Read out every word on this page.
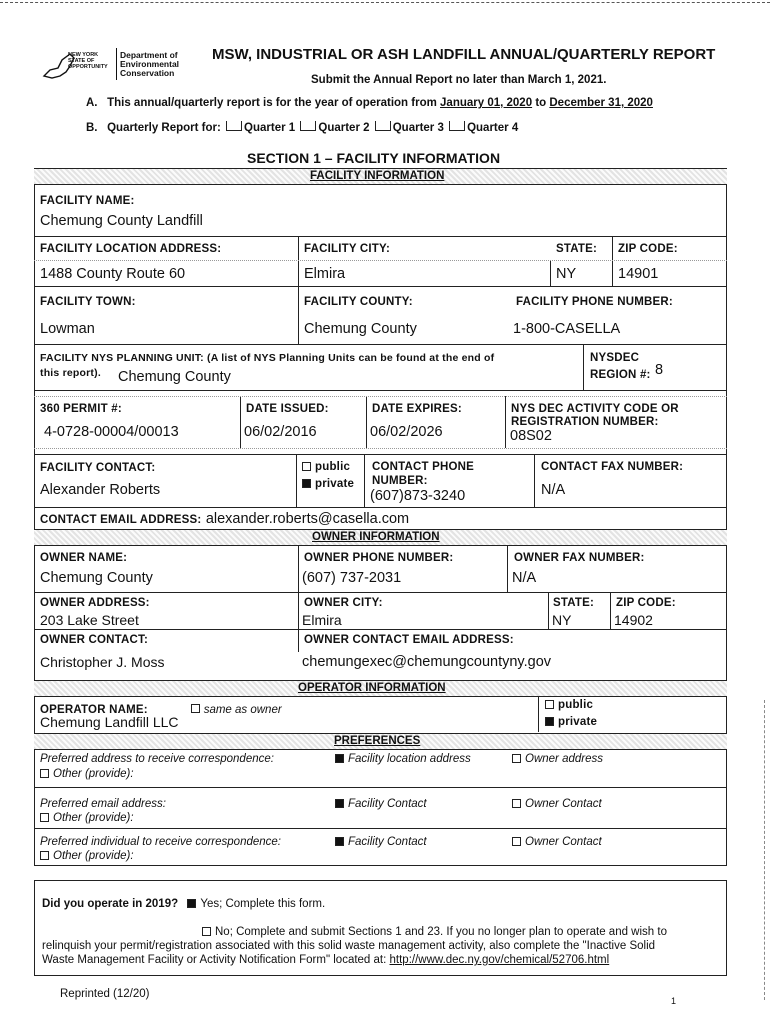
NEW YORK
STATE OF
OPPORTUNITY
Department of
Environmental
Conservation
MSW, INDUSTRIAL OR ASH LANDFILL ANNUAL/QUARTERLY REPORT
Submit the Annual Report no later than March 1, 2021.
A. This annual/quarterly report is for the year of operation from January 01, 2020 to December 31, 2020
B. Quarterly Report for: Quarter 1 Quarter 2 Quarter 3 Quarter 4
SECTION 1 – FACILITY INFORMATION
FACILITY INFORMATION
FACILITY NAME:
Chemung County Landfill
FACILITY LOCATION ADDRESS:	FACILITY CITY:	STATE: ZIP CODE:
1488 County Route 60	Elmira	NY	14901
FACILITY TOWN:	FACILITY COUNTY:	FACILITY PHONE NUMBER:
Lowman	Chemung County	1-800-CASELLA
FACILITY NYS PLANNING UNIT: (A list of NYS Planning Units can be found at the end of
this report). Chemung County
NYSDEC
REGION #: 8
360 PERMIT #:	DATE ISSUED:	DATE EXPIRES:	NYS DEC ACTIVITY CODE OR
REGISTRATION NUMBER:
4-0728-00004/00013	06/02/2016	06/02/2026	08S02
FACILITY CONTACT:
Alexander Roberts
public
private
CONTACT PHONE
NUMBER:
(607)873-3240
CONTACT FAX NUMBER:
N/A
CONTACT EMAIL ADDRESS: alexander.roberts@casella.com
OWNER INFORMATION
OWNER NAME:	OWNER PHONE NUMBER:	OWNER FAX NUMBER:
Chemung County	(607) 737-2031	N/A
OWNER ADDRESS:	OWNER CITY:	STATE: ZIP CODE:
203 Lake Street	Elmira	NY	14902
OWNER CONTACT:	OWNER CONTACT EMAIL ADDRESS:
Christopher J. Moss	chemungexec@chemungcountyny.gov
OPERATOR INFORMATION
OPERATOR NAME:	same as owner
Chemung Landfill LLC
public
private
PREFERENCES
Preferred address to receive correspondence:	Facility location address	Owner address
Other (provide):
Preferred email address:	Facility Contact	Owner Contact
Other (provide):
Preferred individual to receive correspondence:	Facility Contact	Owner Contact
Other (provide):
Did you operate in 2019? Yes; Complete this form.
No; Complete and submit Sections 1 and 23. If you no longer plan to operate and wish to
relinquish your permit/registration associated with this solid waste management activity, also complete the "Inactive Solid
Waste Management Facility or Activity Notification Form" located at: http://www.dec.ny.gov/chemical/52706.html
Reprinted (12/20)
1
